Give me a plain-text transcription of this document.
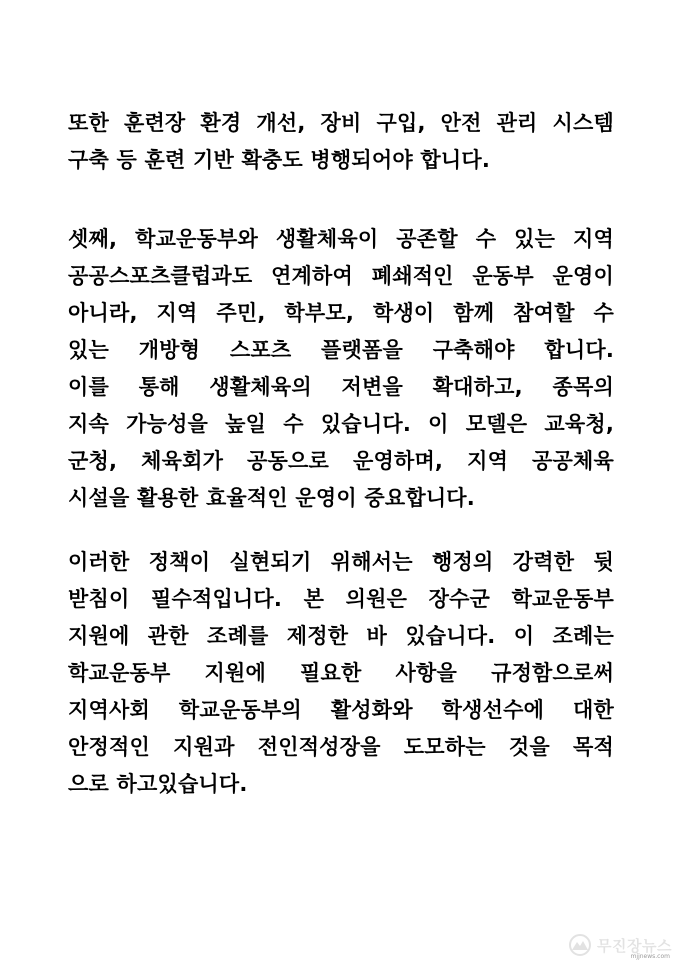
또한 훈련장 환경 개선, 장비 구입, 안전 관리 시스템
구축 등 훈련 기반 확충도 병행되어야 합니다.
셋째, 학교운동부와 생활체육이 공존할 수 있는 지역
공공스포츠클럽과도 연계하여 폐쇄적인 운동부 운영이
아니라, 지역 주민, 학부모, 학생이 함께 참여할 수
있는 개방형 스포츠 플랫폼을 구축해야 합니다.
이를 통해 생활체육의 저변을 확대하고, 종목의
지속 가능성을 높일 수 있습니다. 이 모델은 교육청,
군청, 체육회가 공동으로 운영하며, 지역 공공체육
시설을 활용한 효율적인 운영이 중요합니다.
이러한 정책이 실현되기 위해서는 행정의 강력한 뒷
받침이 필수적입니다. 본 의원은 장수군 학교운동부
지원에 관한 조례를 제정한 바 있습니다. 이 조례는
학교운동부 지원에 필요한 사항을 규정함으로써
지역사회 학교운동부의 활성화와 학생선수에 대한
안정적인 지원과 전인적성장을 도모하는 것을 목적
으로 하고있습니다.
무진장뉴스
mjjnews.com
